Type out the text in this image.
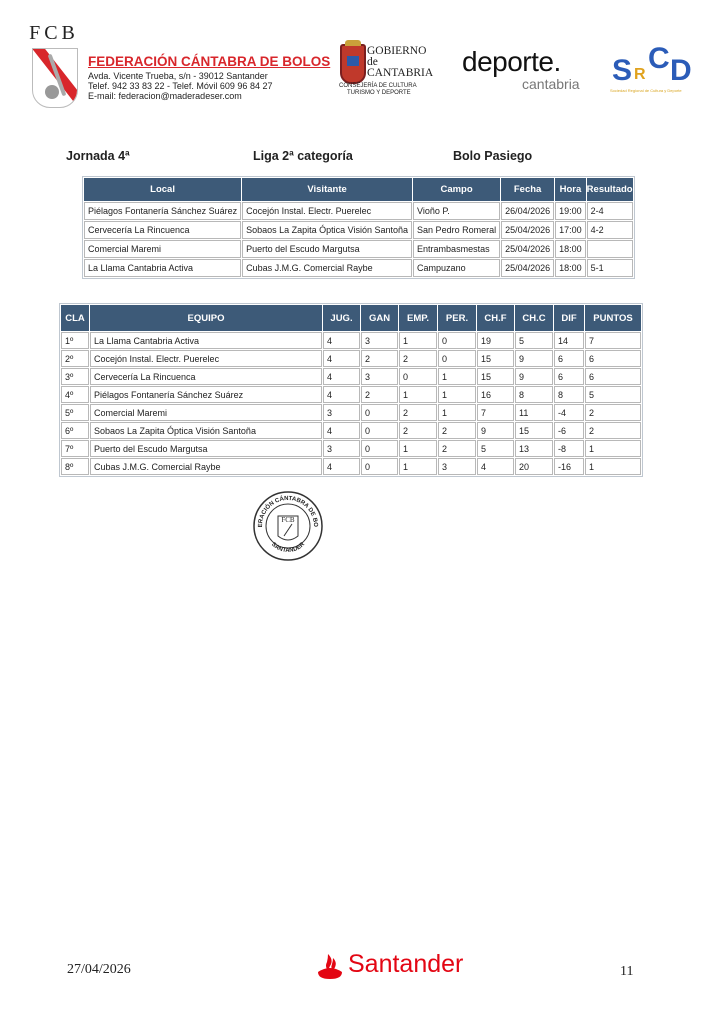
FCB
FEDERACIÓN CÁNTABRA DE BOLOS
Avda. Vicente Trueba, s/n - 39012 Santander
Telef. 942 33 83 22 - Telef. Móvil 609 96 84 27
E-mail: federacion@maderadeser.com
GOBIERNO
de
CANTABRIA
CONSEJERÍA DE CULTURA
TURISMO Y DEPORTE
deporte.
cantabria S R C D
Sociedad Regional de Cultura y Deporte
Jornada 4ª	Liga 2ª categoría	Bolo Pasiego
Local	Visitante	Campo	Fecha	Hora	Resultado
Piélagos Fontanería Sánchez Suárez	Cocejón Instal. Electr. Puerelec	Vioño P.	26/04/2026	19:00	2-4
Cervecería La Rincuenca	Sobaos La Zapita Óptica Visión Santoña	San Pedro Romeral	25/04/2026	17:00	4-2
Comercial Maremi	Puerto del Escudo Margutsa	Entrambasmestas	25/04/2026	18:00	
La Llama Cantabria Activa	Cubas J.M.G. Comercial Raybe	Campuzano	25/04/2026	18:00	5-1
CLA	EQUIPO	JUG.	GAN	EMP.	PER.	CH.F	CH.C	DIF	PUNTOS
1º	La Llama Cantabria Activa	4	3	1	0	19	5	14	7
2º	Cocejón Instal. Electr. Puerelec	4	2	2	0	15	9	6	6
3º	Cervecería La Rincuenca	4	3	0	1	15	9	6	6
4º	Piélagos Fontanería Sánchez Suárez	4	2	1	1	16	8	8	5
5º	Comercial Maremi	3	0	2	1	7	11	-4	2
6º	Sobaos La Zapita Óptica Visión Santoña	4	0	2	2	9	15	-6	2
7º	Puerto del Escudo Margutsa	3	0	1	2	5	13	-8	1
8º	Cubas J.M.G. Comercial Raybe	4	0	1	3	4	20	-16	1
ERACIÓN CÁNTABRA DE BO
SANTANDER
FCB
27/04/2026	Santander	11
